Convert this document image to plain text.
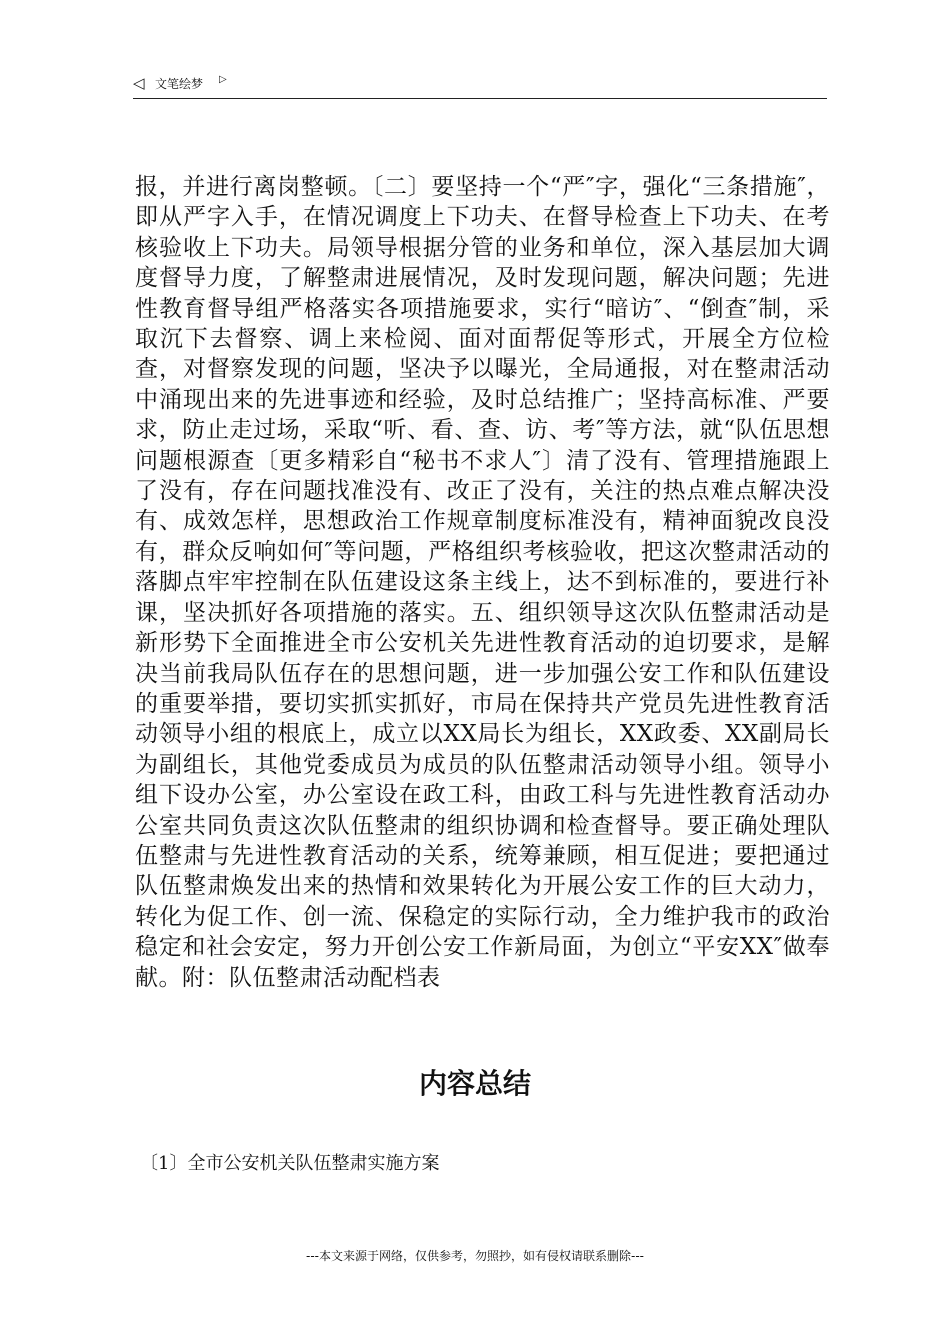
◁ 文笔绘梦 ▷

报，并进行离岗整顿。〔二〕要坚持一个“严″字，强化“三条措施″，即从严字入手，在情况调度上下功夫、在督导检查上下功夫、在考核验收上下功夫。局领导根据分管的业务和单位，深入基层加大调度督导力度，了解整肃进展情况，及时发现问题，解决问题；先进性教育督导组严格落实各项措施要求，实行“暗访″、“倒查″制，采取沉下去督察、调上来检阅、面对面帮促等形式，开展全方位检查，对督察发现的问题，坚决予以曝光，全局通报，对在整肃活动中涌现出来的先进事迹和经验，及时总结推广；坚持高标准、严要求，防止走过场，采取“听、看、查、访、考″等方法，就“队伍思想问题根源查〔更多精彩自“秘书不求人″〕清了没有、管理措施跟上了没有，存在问题找准没有、改正了没有，关注的热点难点解决没有、成效怎样，思想政治工作规章制度标准没有，精神面貌改良没有，群众反响如何″等问题，严格组织考核验收，把这次整肃活动的落脚点牢牢控制在队伍建设这条主线上，达不到标准的，要进行补课，坚决抓好各项措施的落实。五、组织领导这次队伍整肃活动是新形势下全面推进全市公安机关先进性教育活动的迫切要求，是解决当前我局队伍存在的思想问题，进一步加强公安工作和队伍建设的重要举措，要切实抓实抓好，市局在保持共产党员先进性教育活动领导小组的根底上，成立以XX局长为组长，XX政委、XX副局长为副组长，其他党委成员为成员的队伍整肃活动领导小组。领导小组下设办公室，办公室设在政工科，由政工科与先进性教育活动办公室共同负责这次队伍整肃的组织协调和检查督导。要正确处理队伍整肃与先进性教育活动的关系，统筹兼顾，相互促进；要把通过队伍整肃焕发出来的热情和效果转化为开展公安工作的巨大动力，转化为促工作、创一流、保稳定的实际行动，全力维护我市的政治稳定和社会安定，努力开创公安工作新局面，为创立“平安XX″做奉献。附：队伍整肃活动配档表

内容总结
〔1〕全市公安机关队伍整肃实施方案
---本文来源于网络，仅供参考，勿照抄，如有侵权请联系删除---
